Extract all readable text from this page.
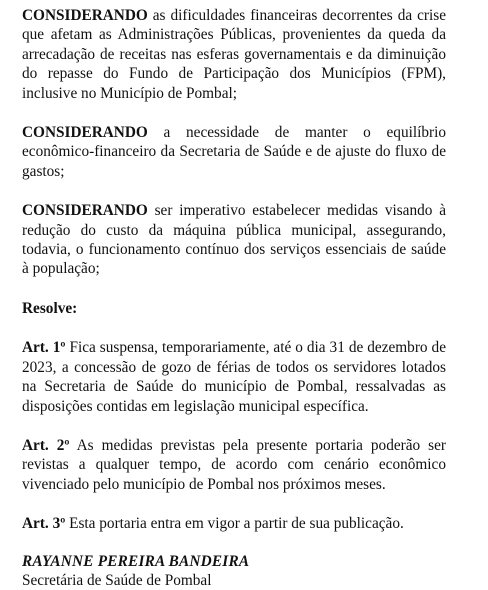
CONSIDERANDO as dificuldades financeiras decorrentes da crise que afetam as Administrações Públicas, provenientes da queda da arrecadação de receitas nas esferas governamentais e da diminuição do repasse do Fundo de Participação dos Municípios (FPM), inclusive no Município de Pombal;

CONSIDERANDO a necessidade de manter o equilíbrio econômico-financeiro da Secretaria de Saúde e de ajuste do fluxo de gastos;

CONSIDERANDO ser imperativo estabelecer medidas visando à redução do custo da máquina pública municipal, assegurando, todavia, o funcionamento contínuo dos serviços essenciais de saúde à população;

Resolve:

Art. 1º Fica suspensa, temporariamente, até o dia 31 de dezembro de 2023, a concessão de gozo de férias de todos os servidores lotados na Secretaria de Saúde do município de Pombal, ressalvadas as disposições contidas em legislação municipal específica.

Art. 2º As medidas previstas pela presente portaria poderão ser revistas a qualquer tempo, de acordo com cenário econômico vivenciado pelo município de Pombal nos próximos meses.

Art. 3º Esta portaria entra em vigor a partir de sua publicação.

RAYANNE PEREIRA BANDEIRA

Secretária de Saúde de Pombal
